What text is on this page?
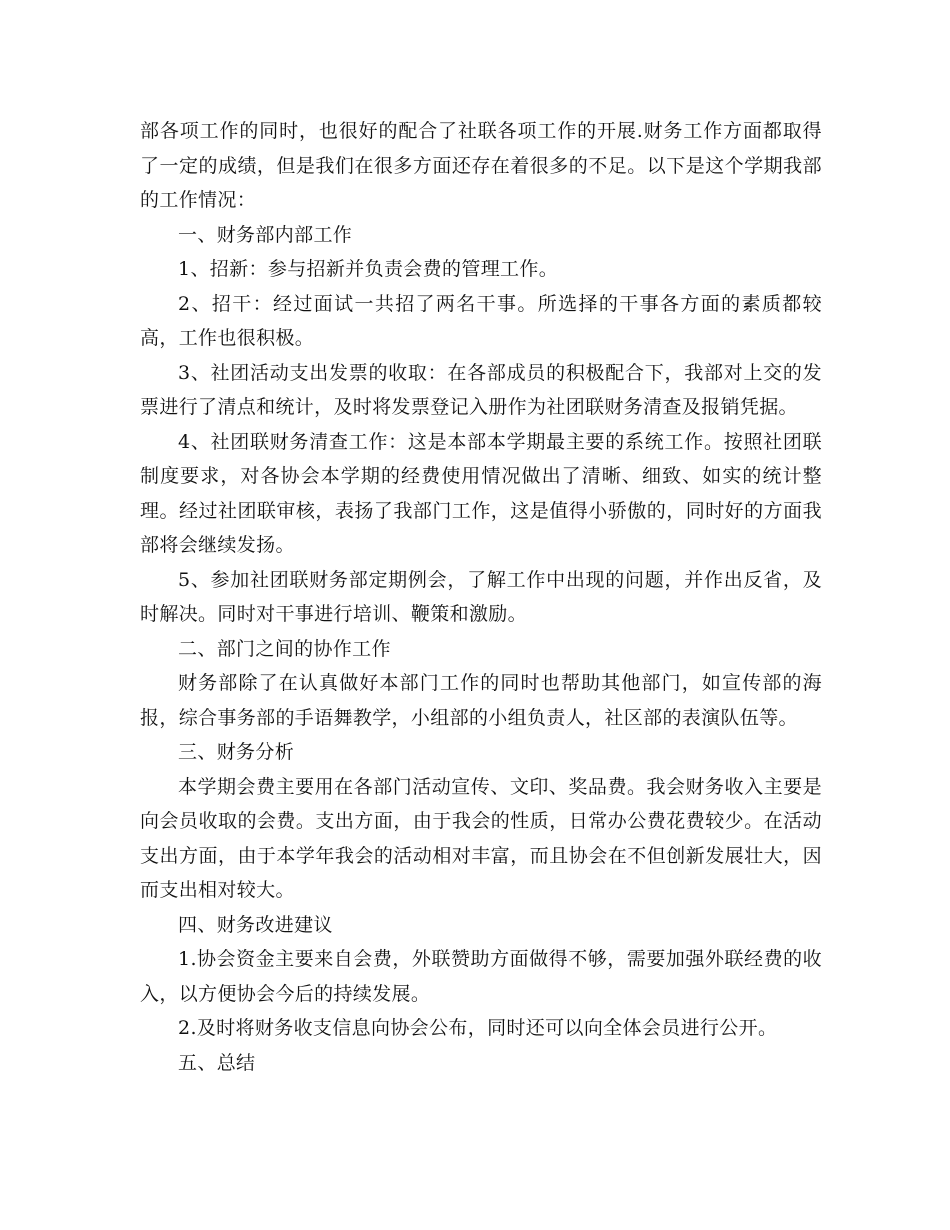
部各项工作的同时，也很好的配合了社联各项工作的开展.财务工作方面都取得了一定的成绩，但是我们在很多方面还存在着很多的不足。以下是这个学期我部的工作情况：

一、财务部内部工作

1、招新：参与招新并负责会费的管理工作。

2、招干：经过面试一共招了两名干事。所选择的干事各方面的素质都较高，工作也很积极。

3、社团活动支出发票的收取：在各部成员的积极配合下，我部对上交的发票进行了清点和统计，及时将发票登记入册作为社团联财务清查及报销凭据。

4、社团联财务清查工作：这是本部本学期最主要的系统工作。按照社团联制度要求，对各协会本学期的经费使用情况做出了清晰、细致、如实的统计整理。经过社团联审核，表扬了我部门工作，这是值得小骄傲的，同时好的方面我部将会继续发扬。

5、参加社团联财务部定期例会，了解工作中出现的问题，并作出反省，及时解决。同时对干事进行培训、鞭策和激励。

二、部门之间的协作工作

财务部除了在认真做好本部门工作的同时也帮助其他部门，如宣传部的海报，综合事务部的手语舞教学，小组部的小组负责人，社区部的表演队伍等。

三、财务分析

本学期会费主要用在各部门活动宣传、文印、奖品费。我会财务收入主要是向会员收取的会费。支出方面，由于我会的性质，日常办公费花费较少。在活动支出方面，由于本学年我会的活动相对丰富，而且协会在不但创新发展壮大，因而支出相对较大。

四、财务改进建议

1.协会资金主要来自会费，外联赞助方面做得不够，需要加强外联经费的收入，以方便协会今后的持续发展。

2.及时将财务收支信息向协会公布，同时还可以向全体会员进行公开。

五、总结
